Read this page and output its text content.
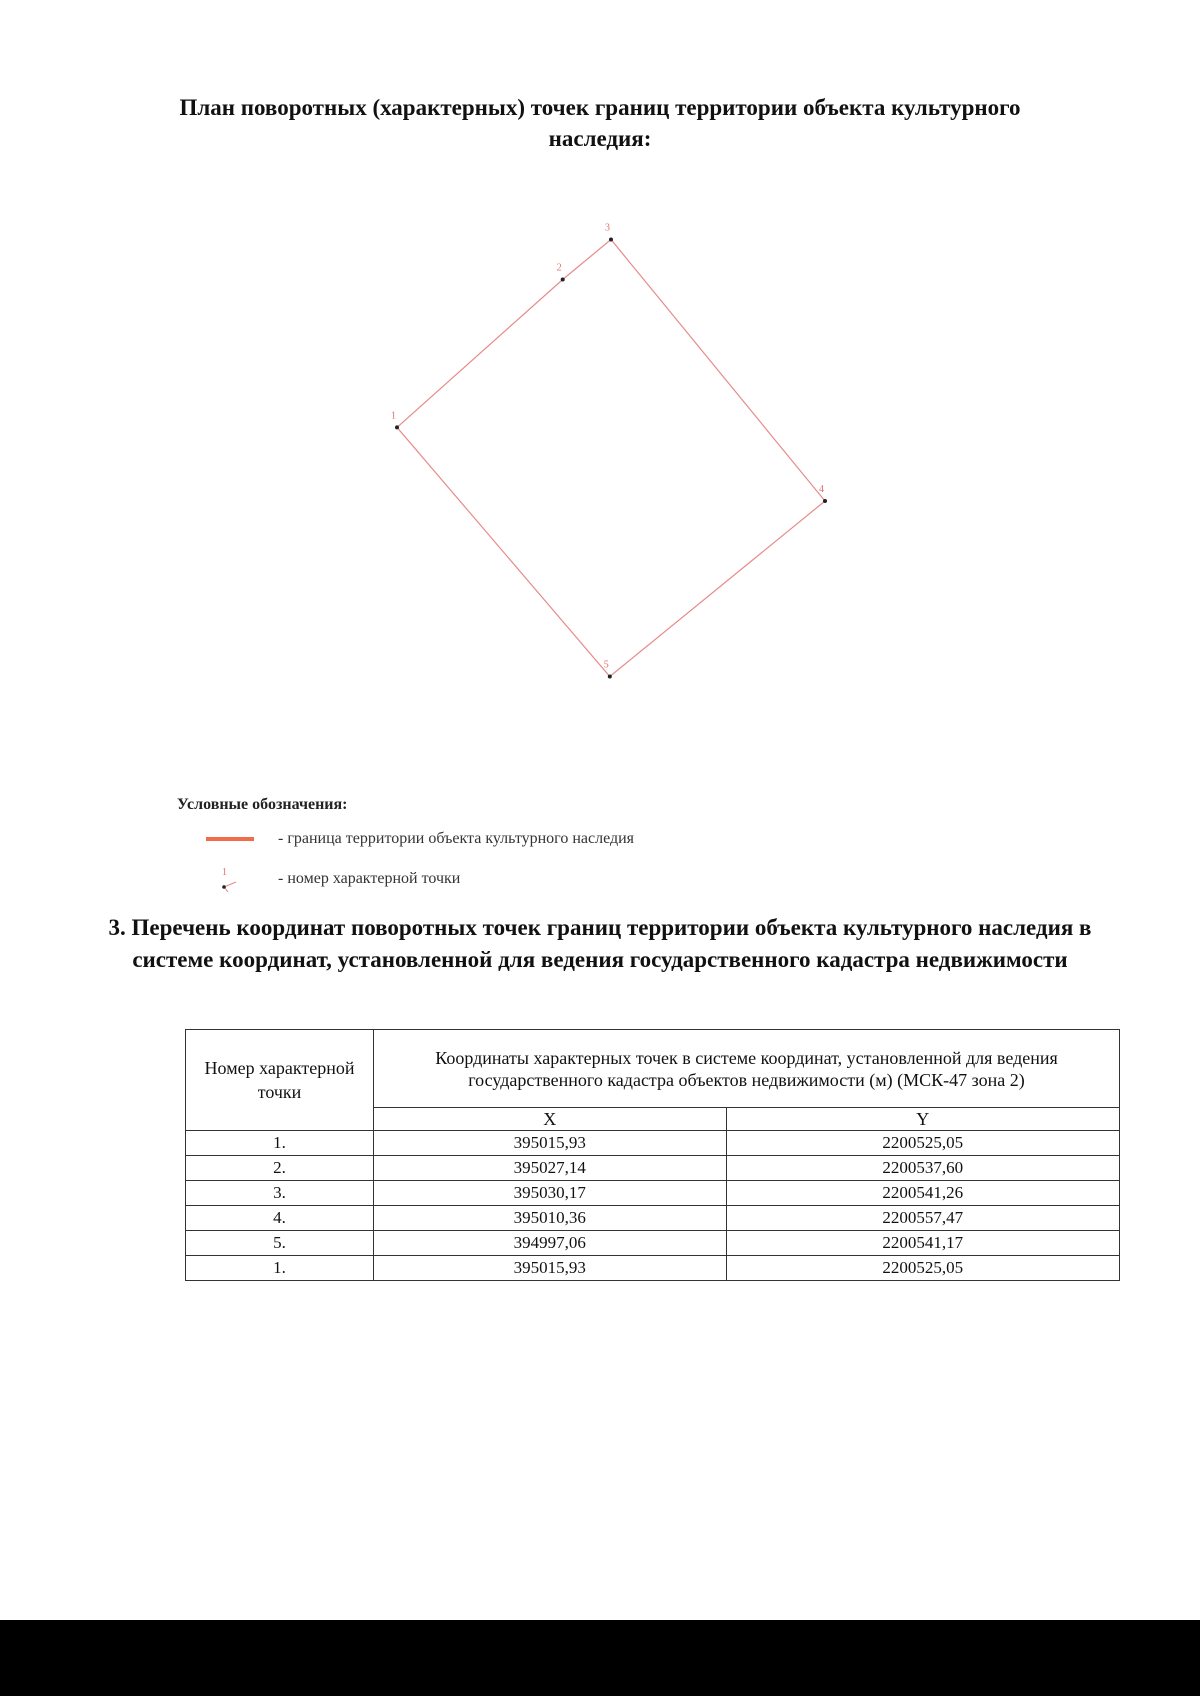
План поворотных (характерных) точек границ территории объекта культурного наследия:
1
2
3
4
5
Условные обозначения:
- граница территории объекта культурного наследия
1	- номер характерной точки
3. Перечень координат поворотных точек границ территории объекта культурного наследия в системе координат, установленной для ведения государственного кадастра недвижимости
Номер характерной точки	Координаты характерных точек в системе координат, установленной для ведения государственного кадастра объектов недвижимости (м) (МСК-47 зона 2)	
	X	Y
1.	395015,93	2200525,05
2.	395027,14	2200537,60
3.	395030,17	2200541,26
4.	395010,36	2200557,47
5.	394997,06	2200541,17
1.	395015,93	2200525,05
